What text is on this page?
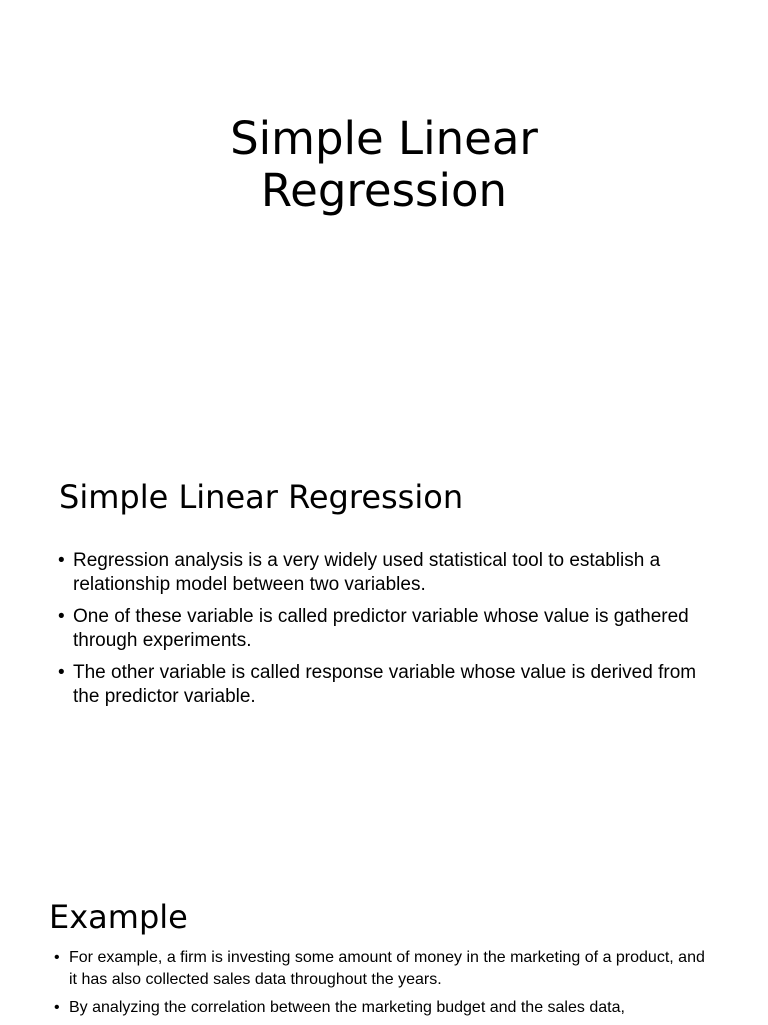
Simple Linear
Regression
Simple Linear Regression
• Regression analysis is a very widely used statistical tool to establish a relationship model between two variables.
• One of these variable is called predictor variable whose value is gathered through experiments.
• The other variable is called response variable whose value is derived from the predictor variable.
Example
• For example, a firm is investing some amount of money in the marketing of a product, and it has also collected sales data throughout the years.
• By analyzing the correlation between the marketing budget and the sales data,
